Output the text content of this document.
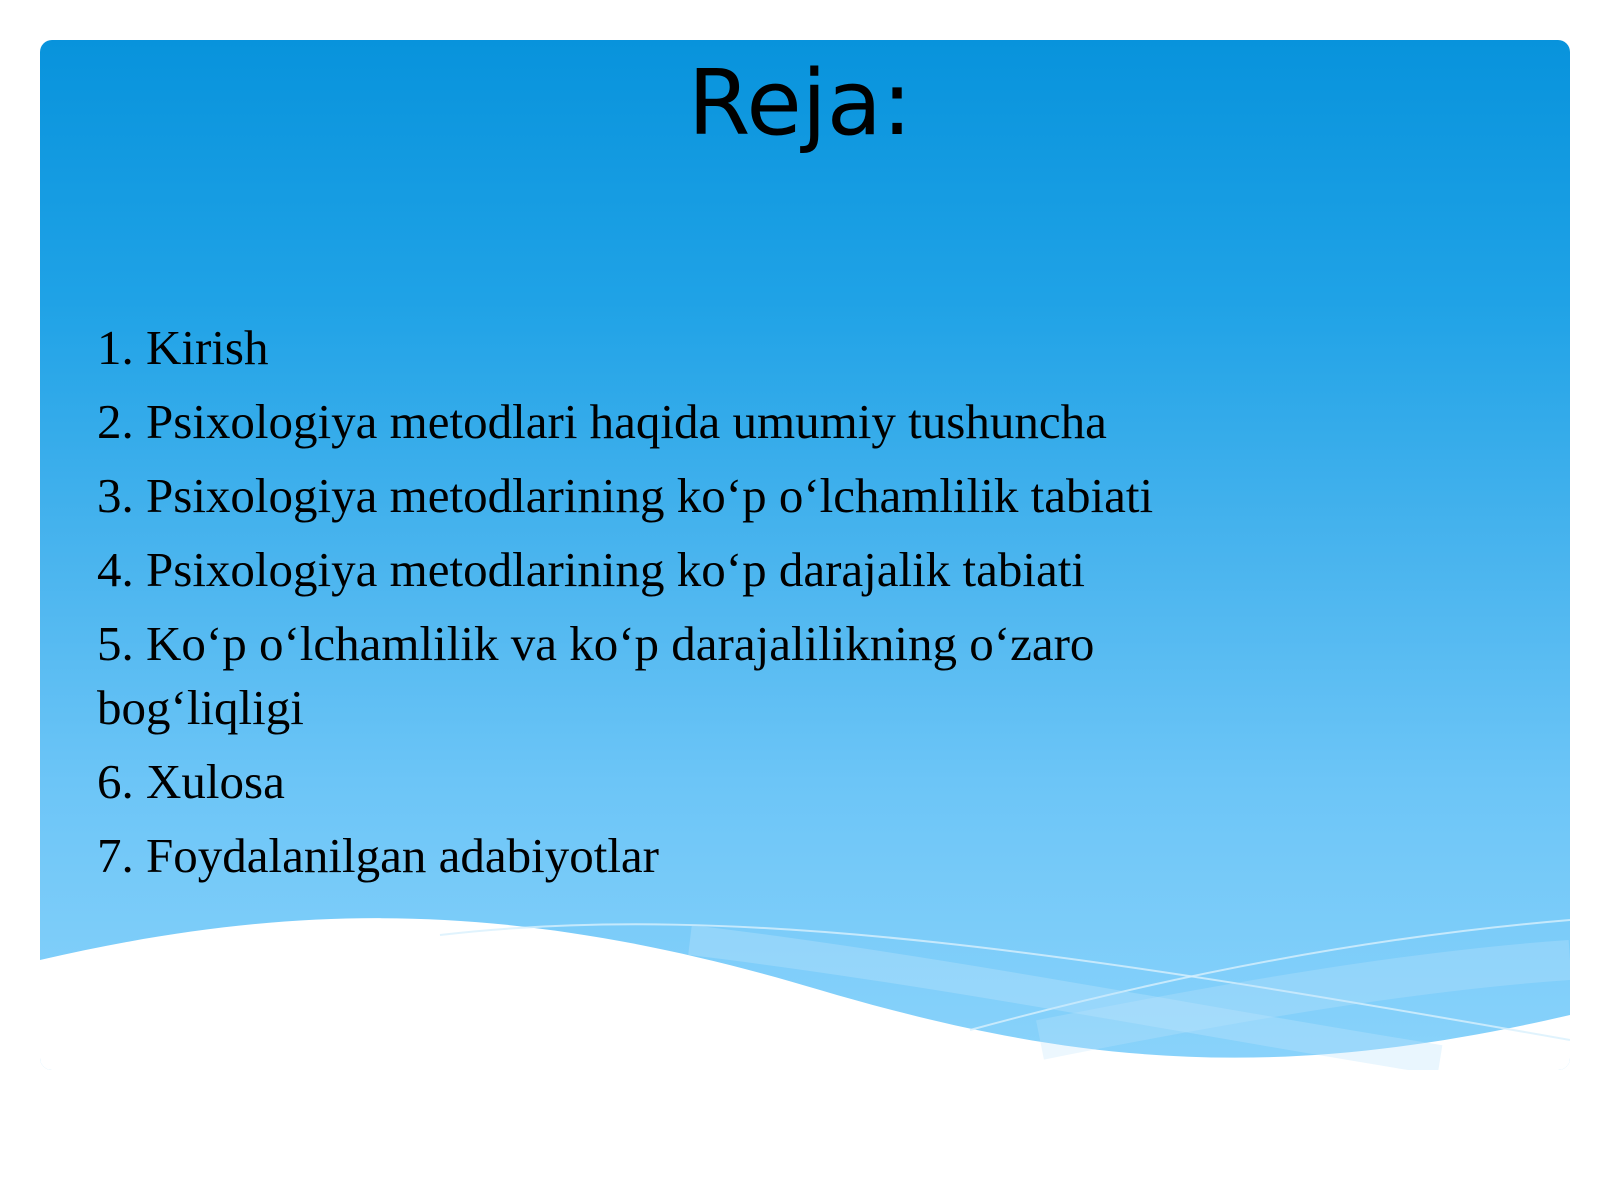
Reja:
1. Kirish
2. Psixologiya metodlari haqida umumiy tushuncha
3. Psixologiya metodlarining ko‘p o‘lchamlilik tabiati
4. Psixologiya metodlarining ko‘p darajalik tabiati
5. Ko‘p o‘lchamlilik va ko‘p darajalilikning o‘zaro bog‘liqligi
6. Xulosa
7. Foydalanilgan adabiyotlar
